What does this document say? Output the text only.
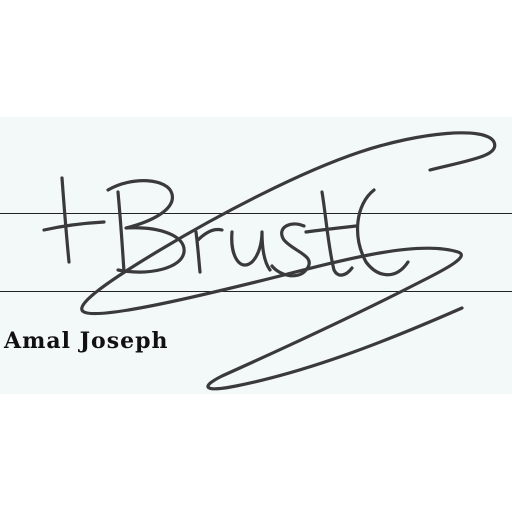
Amal Joseph
